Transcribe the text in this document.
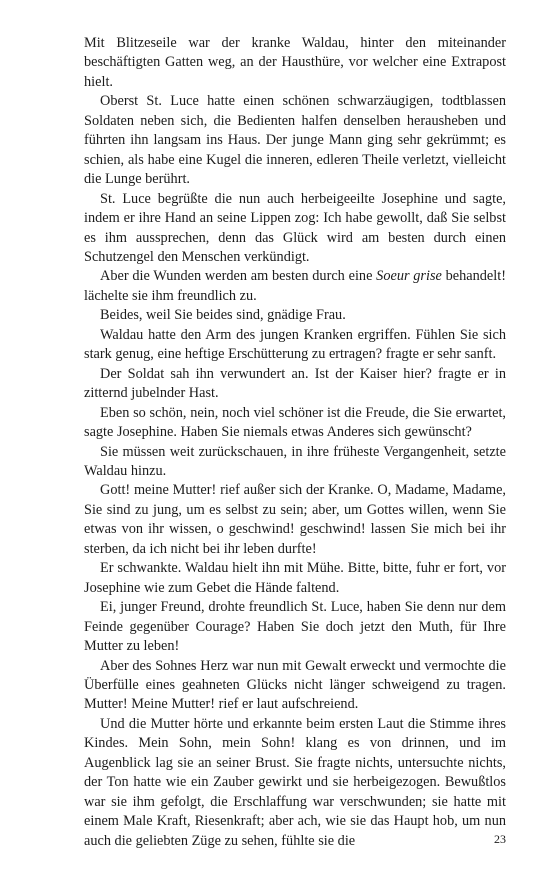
Mit Blitzeseile war der kranke Waldau, hinter den miteinander beschäftigten Gatten weg, an der Hausthüre, vor welcher eine Extrapost hielt.

Oberst St. Luce hatte einen schönen schwarzäugigen, todtblassen Soldaten neben sich, die Bedienten halfen denselben herausheben und führten ihn langsam ins Haus. Der junge Mann ging sehr gekrümmt; es schien, als habe eine Kugel die inneren, edleren Theile verletzt, vielleicht die Lunge berührt.

St. Luce begrüßte die nun auch herbeigeeilte Josephine und sagte, indem er ihre Hand an seine Lippen zog: Ich habe gewollt, daß Sie selbst es ihm aussprechen, denn das Glück wird am besten durch einen Schutzengel den Menschen verkündigt.

Aber die Wunden werden am besten durch eine Soeur grise behandelt! lächelte sie ihm freundlich zu.

Beides, weil Sie beides sind, gnädige Frau.

Waldau hatte den Arm des jungen Kranken ergriffen. Fühlen Sie sich stark genug, eine heftige Erschütterung zu ertragen? fragte er sehr sanft.

Der Soldat sah ihn verwundert an. Ist der Kaiser hier? fragte er in zitternd jubelnder Hast.

Eben so schön, nein, noch viel schöner ist die Freude, die Sie erwartet, sagte Josephine. Haben Sie niemals etwas Anderes sich gewünscht?

Sie müssen weit zurückschauen, in ihre früheste Vergangenheit, setzte Waldau hinzu.

Gott! meine Mutter! rief außer sich der Kranke. O, Madame, Madame, Sie sind zu jung, um es selbst zu sein; aber, um Gottes willen, wenn Sie etwas von ihr wissen, o geschwind! geschwind! lassen Sie mich bei ihr sterben, da ich nicht bei ihr leben durfte!

Er schwankte. Waldau hielt ihn mit Mühe. Bitte, bitte, fuhr er fort, vor Josephine wie zum Gebet die Hände faltend.

Ei, junger Freund, drohte freundlich St. Luce, haben Sie denn nur dem Feinde gegenüber Courage? Haben Sie doch jetzt den Muth, für Ihre Mutter zu leben!

Aber des Sohnes Herz war nun mit Gewalt erweckt und vermochte die Überfülle eines geahneten Glücks nicht länger schweigend zu tragen. Mutter! Meine Mutter! rief er laut aufschreiend.

Und die Mutter hörte und erkannte beim ersten Laut die Stimme ihres Kindes. Mein Sohn, mein Sohn! klang es von drinnen, und im Augenblick lag sie an seiner Brust. Sie fragte nichts, untersuchte nichts, der Ton hatte wie ein Zauber gewirkt und sie herbeigezogen. Bewußtlos war sie ihm gefolgt, die Erschlaffung war verschwunden; sie hatte mit einem Male Kraft, Riesenkraft; aber ach, wie sie das Haupt hob, um nun auch die geliebten Züge zu sehen, fühlte sie die	23
